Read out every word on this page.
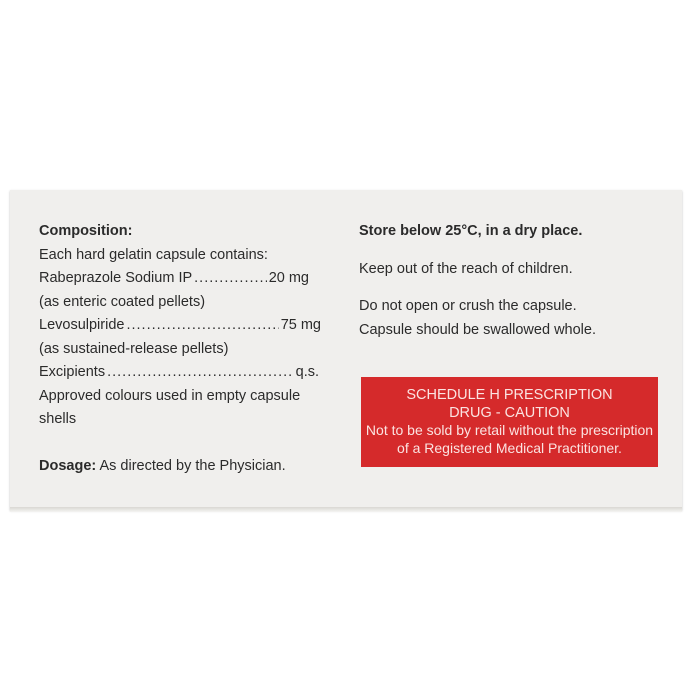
Composition:
Each hard gelatin capsule contains:
Rabeprazole Sodium IP .....	20 mg
(as enteric coated pellets)
Levosulpiride .....	75 mg
(as sustained-release pellets)
Excipients .....	q.s.
Approved colours used in empty capsule
shells
Dosage: As directed by the Physician.
Store below 25°C, in a dry place.
Keep out of the reach of children.
Do not open or crush the capsule.
Capsule should be swallowed whole.
SCHEDULE H PRESCRIPTION
DRUG - CAUTION
Not to be sold by retail without the prescription
of a Registered Medical Practitioner.
